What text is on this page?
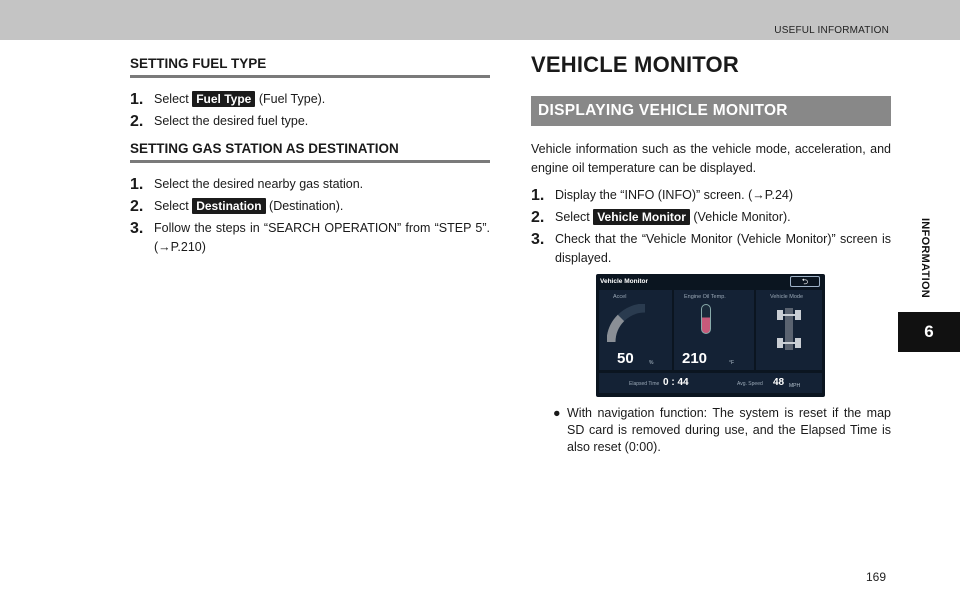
USEFUL INFORMATION
INFORMATION
6
SETTING FUEL TYPE
1. Select Fuel Type (Fuel Type).
2. Select the desired fuel type.
SETTING GAS STATION AS DESTINATION
1. Select the desired nearby gas station.
2. Select Destination (Destination).
3. Follow the steps in “SEARCH OPERATION” from “STEP 5”. (→P.210)
VEHICLE MONITOR
DISPLAYING VEHICLE MONITOR
Vehicle information such as the vehicle mode, acceleration, and engine oil temperature can be displayed.
1. Display the “INFO (INFO)” screen. (→P.24)
2. Select Vehicle Monitor (Vehicle Monitor).
3. Check that the “Vehicle Monitor (Vehicle Monitor)” screen is displayed.
Vehicle Monitor	⮌
Accel
50	%
Engine Oil Temp.
210	°F
Vehicle Mode
Elapsed Time 0 : 44	Avg. Speed 48 MPH
● With navigation function: The system is reset if the map SD card is removed during use, and the Elapsed Time is also reset (0:00).
169
